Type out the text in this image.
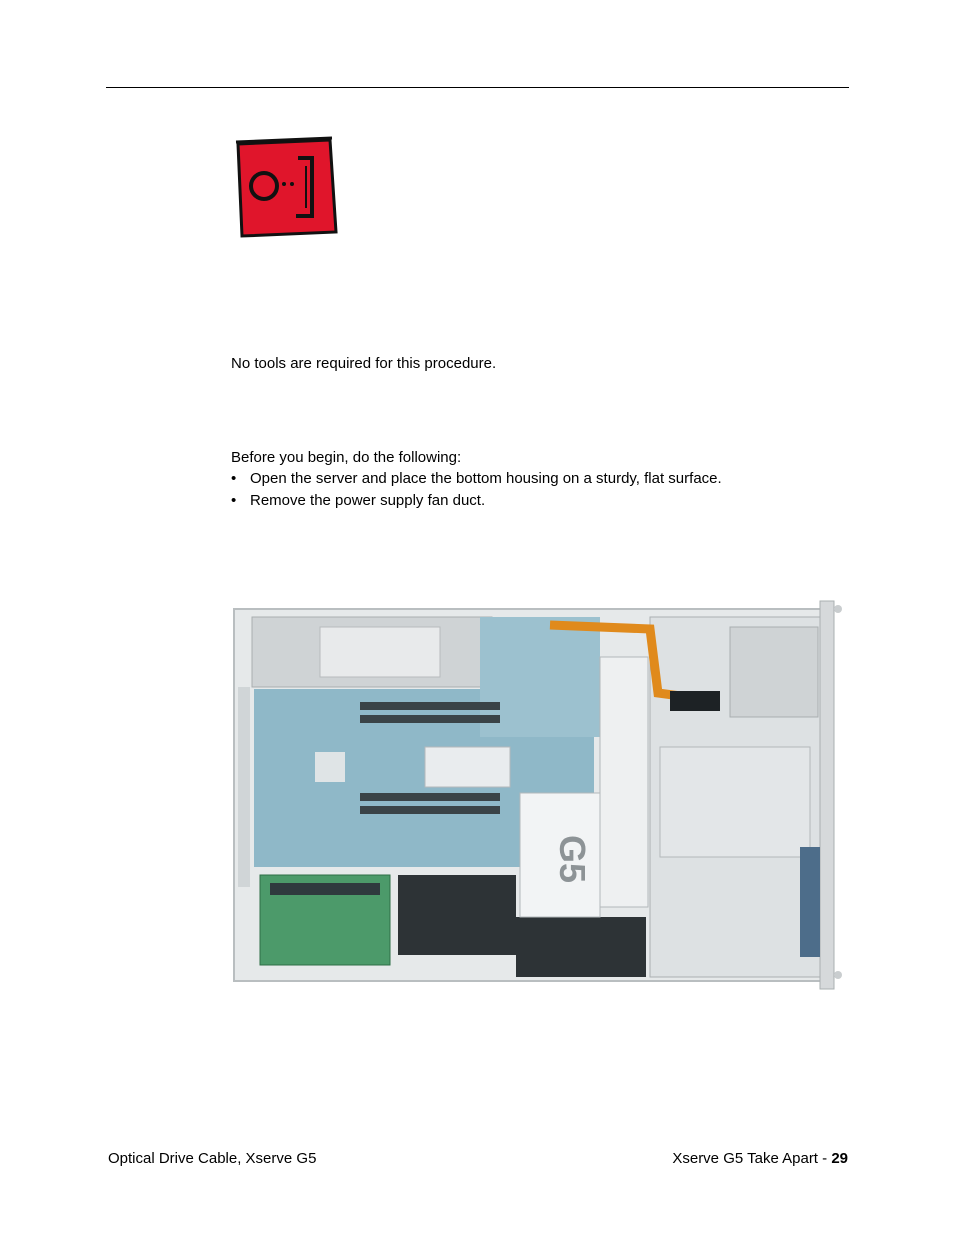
No tools are required for this procedure.

Before you begin, do the following:

• Open the server and place the bottom housing on a sturdy, flat surface.
• Remove the power supply fan duct.
G5
Optical Drive Cable, Xserve G5	Xserve G5 Take Apart - 29
